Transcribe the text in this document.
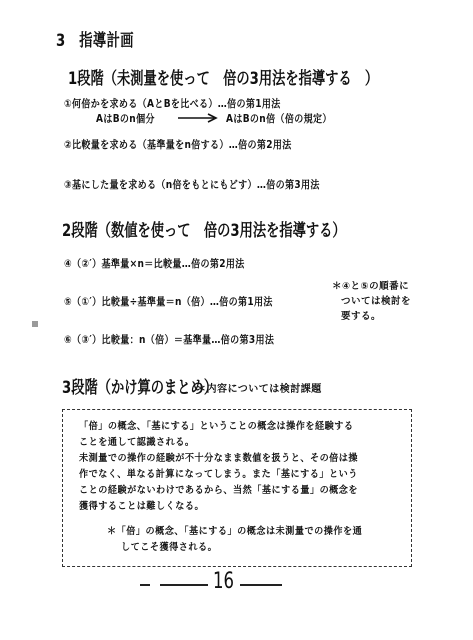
3　指導計画
1段階（未測量を使って　倍の3用法を指導する　）
①何倍かを求める（AとBを比べる）…倍の第1用法
AはBのn個分	AはBのn倍（倍の規定）
②比較量を求める（基準量をn倍する）…倍の第2用法
③基にした量を求める（n倍をもとにもどす）…倍の第3用法
2段階（数値を使って　倍の3用法を指導する）
④（②′）基準量×n＝比較量…倍の第2用法
⑤（①′）比較量÷基準量＝n（倍）…倍の第1用法
⑥（③′）比較量：n（倍）＝基準量…倍の第3用法
＊④と⑤の順番に
ついては検討を
要する。
3段階（かけ算のまとめ）
＊内容については検討課題
「倍」の概念、「基にする」ということの概念は操作を経験する
ことを通して認識される。
未測量での操作の経験が不十分なまま数値を扱うと、その倍は操
作でなく、単なる計算になってしまう。また「基にする」という
ことの経験がないわけであるから、当然「基にする量」の概念を
獲得することは難しくなる。
＊「倍」の概念、「基にする」の概念は未測量での操作を通
してこそ獲得される。
16
